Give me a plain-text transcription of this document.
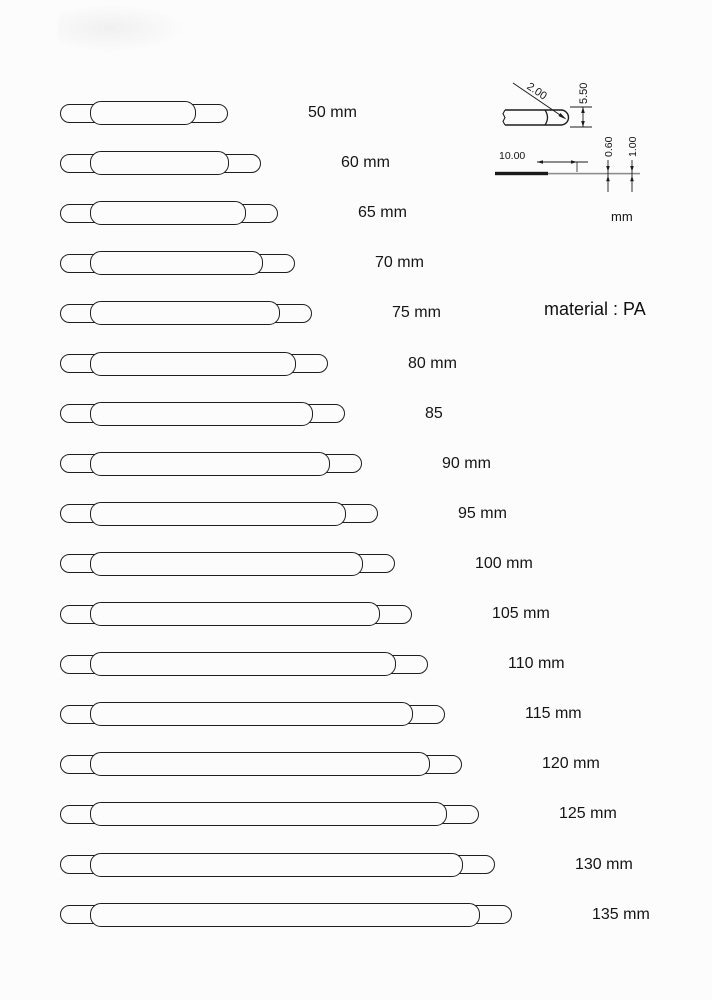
50 mm
60 mm
65 mm
70 mm
75 mm
80 mm
85
90 mm
95 mm
100 mm
105 mm
110 mm
115 mm
120 mm
125 mm
130 mm
135 mm
2.00	5.50
10.00	0.60 1.00
mm
material : PA
